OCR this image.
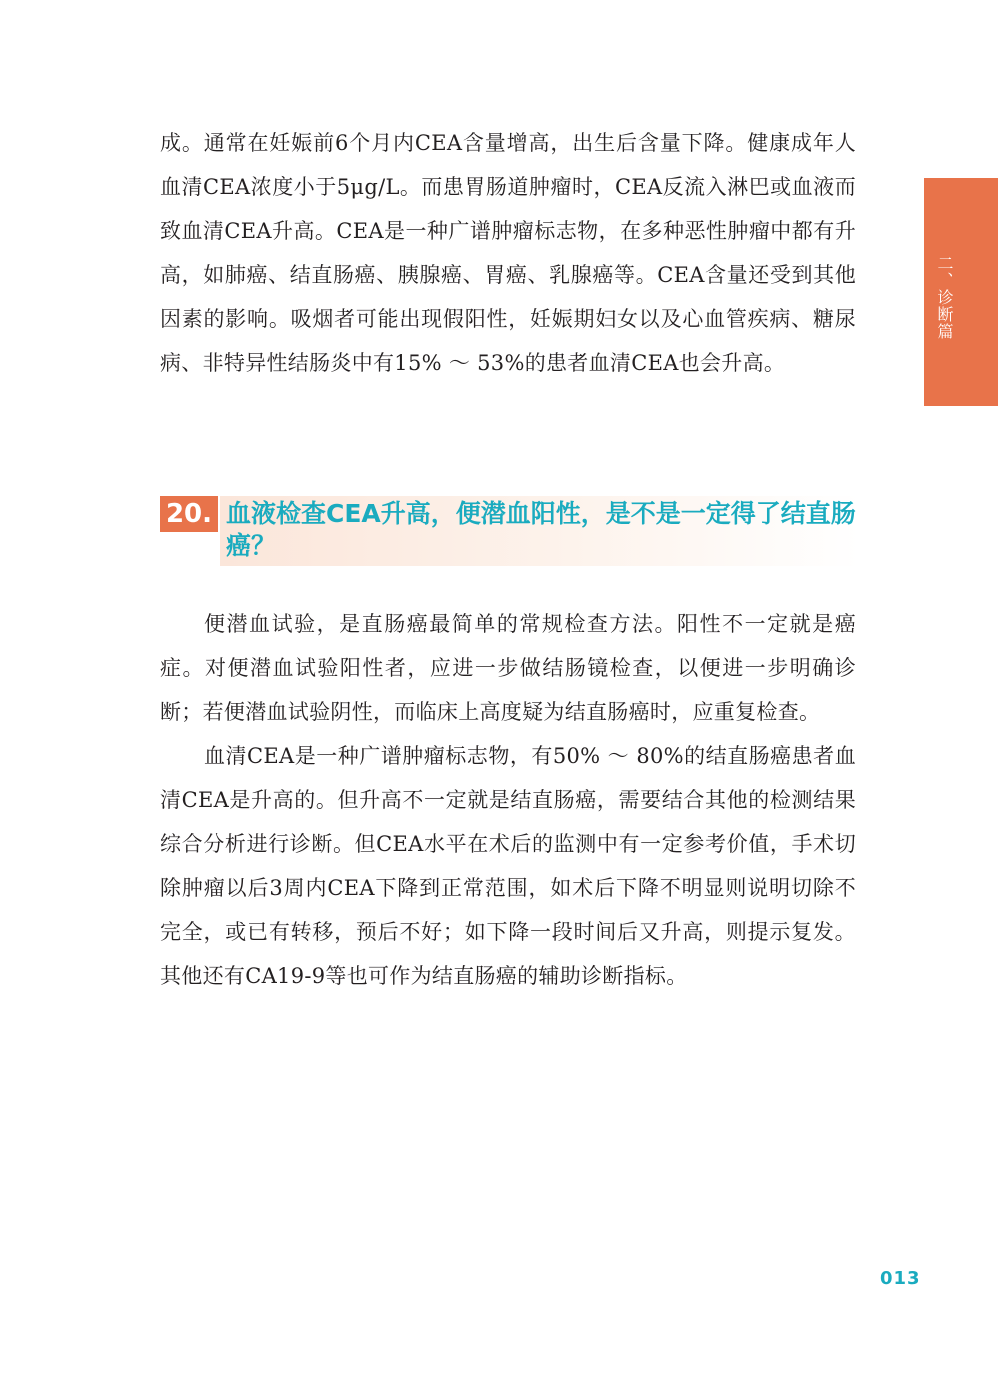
二、诊断篇

成。通常在妊娠前6个月内CEA含量增高，出生后含量下降。健康成年人血清CEA浓度小于5μg/L。而患胃肠道肿瘤时，CEA反流入淋巴或血液而致血清CEA升高。CEA是一种广谱肿瘤标志物，在多种恶性肿瘤中都有升高，如肺癌、结直肠癌、胰腺癌、胃癌、乳腺癌等。CEA含量还受到其他因素的影响。吸烟者可能出现假阳性，妊娠期妇女以及心血管疾病、糖尿病、非特异性结肠炎中有15% ～ 53%的患者血清CEA也会升高。

20. 血液检查CEA升高，便潜血阳性，是不是一定得了结直肠癌？

便潜血试验，是直肠癌最简单的常规检查方法。阳性不一定就是癌症。对便潜血试验阳性者，应进一步做结肠镜检查，以便进一步明确诊断；若便潜血试验阴性，而临床上高度疑为结直肠癌时，应重复检查。

血清CEA是一种广谱肿瘤标志物，有50% ～ 80%的结直肠癌患者血清CEA是升高的。但升高不一定就是结直肠癌，需要结合其他的检测结果综合分析进行诊断。但CEA水平在术后的监测中有一定参考价值，手术切除肿瘤以后3周内CEA下降到正常范围，如术后下降不明显则说明切除不完全，或已有转移，预后不好；如下降一段时间后又升高，则提示复发。其他还有CA19-9等也可作为结直肠癌的辅助诊断指标。

013
